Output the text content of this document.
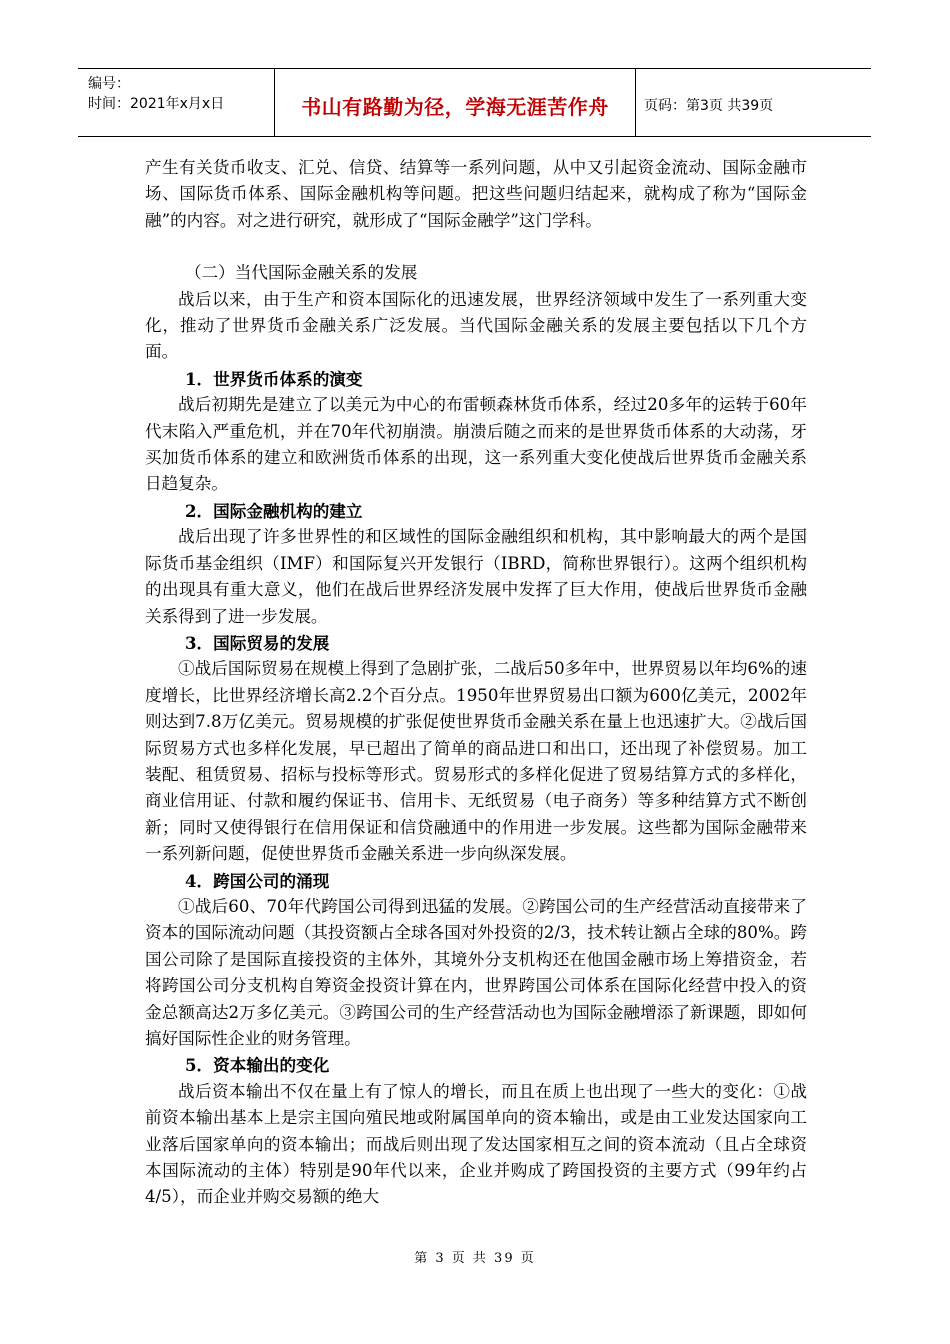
编号：
时间：2021年x月x日	书山有路勤为径，学海无涯苦作舟	页码：第3页 共39页

产生有关货币收支、汇兑、信贷、结算等一系列问题，从中又引起资金流动、国际金融市场、国际货币体系、国际金融机构等问题。把这些问题归结起来，就构成了称为“国际金融”的内容。对之进行研究，就形成了“国际金融学”这门学科。

（二）当代国际金融关系的发展

战后以来，由于生产和资本国际化的迅速发展，世界经济领域中发生了一系列重大变化，推动了世界货币金融关系广泛发展。当代国际金融关系的发展主要包括以下几个方面。

1．世界货币体系的演变

战后初期先是建立了以美元为中心的布雷顿森林货币体系，经过20多年的运转于60年代末陷入严重危机，并在70年代初崩溃。崩溃后随之而来的是世界货币体系的大动荡，牙买加货币体系的建立和欧洲货币体系的出现，这一系列重大变化使战后世界货币金融关系日趋复杂。

2．国际金融机构的建立

战后出现了许多世界性的和区域性的国际金融组织和机构，其中影响最大的两个是国际货币基金组织（IMF）和国际复兴开发银行（IBRD，简称世界银行）。这两个组织机构的出现具有重大意义，他们在战后世界经济发展中发挥了巨大作用，使战后世界货币金融关系得到了进一步发展。

3．国际贸易的发展

①战后国际贸易在规模上得到了急剧扩张，二战后50多年中，世界贸易以年均6%的速度增长，比世界经济增长高2.2个百分点。1950年世界贸易出口额为600亿美元，2002年则达到7.8万亿美元。贸易规模的扩张促使世界货币金融关系在量上也迅速扩大。②战后国际贸易方式也多样化发展，早已超出了简单的商品进口和出口，还出现了补偿贸易。加工装配、租赁贸易、招标与投标等形式。贸易形式的多样化促进了贸易结算方式的多样化，商业信用证、付款和履约保证书、信用卡、无纸贸易（电子商务）等多种结算方式不断创新；同时又使得银行在信用保证和信贷融通中的作用进一步发展。这些都为国际金融带来一系列新问题，促使世界货币金融关系进一步向纵深发展。

4．跨国公司的涌现

①战后60、70年代跨国公司得到迅猛的发展。②跨国公司的生产经营活动直接带来了资本的国际流动问题（其投资额占全球各国对外投资的2/3，技术转让额占全球的80%。跨国公司除了是国际直接投资的主体外，其境外分支机构还在他国金融市场上筹措资金，若将跨国公司分支机构自筹资金投资计算在内，世界跨国公司体系在国际化经营中投入的资金总额高达2万多亿美元。③跨国公司的生产经营活动也为国际金融增添了新课题，即如何搞好国际性企业的财务管理。

5．资本输出的变化

战后资本输出不仅在量上有了惊人的增长，而且在质上也出现了一些大的变化：①战前资本输出基本上是宗主国向殖民地或附属国单向的资本输出，或是由工业发达国家向工业落后国家单向的资本输出；而战后则出现了发达国家相互之间的资本流动（且占全球资本国际流动的主体）特别是90年代以来，企业并购成了跨国投资的主要方式（99年约占4/5），而企业并购交易额的绝大

第 3 页 共 39 页
